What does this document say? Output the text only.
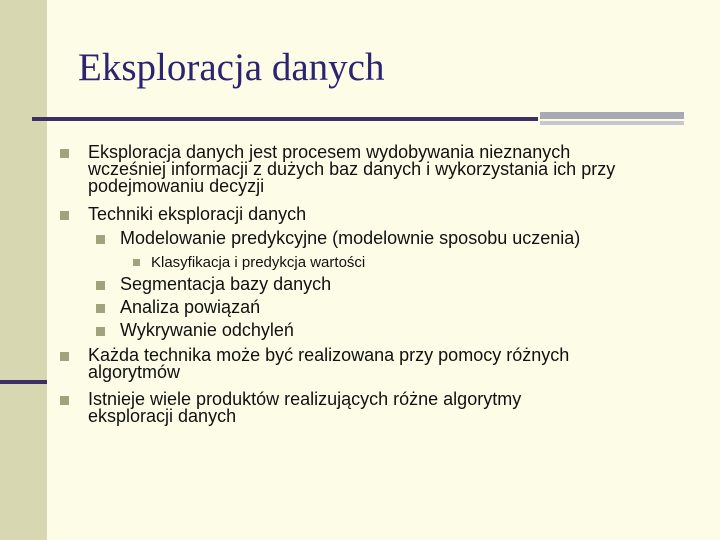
Eksploracja danych
Eksploracja danych jest procesem wydobywania nieznanych wcześniej informacji z dużych baz danych i wykorzystania ich przy podejmowaniu decyzji
Techniki eksploracji danych
Modelowanie predykcyjne (modelownie sposobu uczenia)
Klasyfikacja i predykcja wartości
Segmentacja bazy danych
Analiza powiązań
Wykrywanie odchyleń
Każda technika może być realizowana przy pomocy różnych algorytmów
Istnieje wiele produktów realizujących różne algorytmy eksploracji danych
